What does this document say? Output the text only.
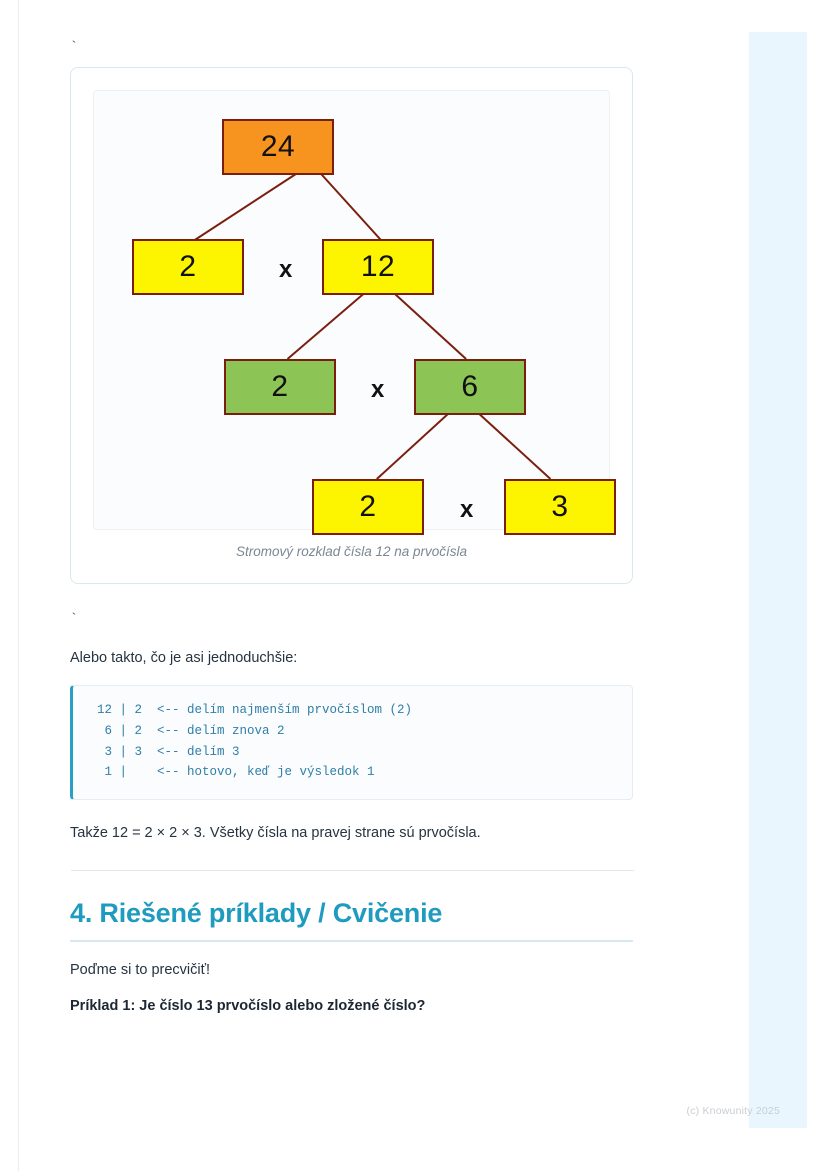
`
24
2	x	12
2	x	6
2	x	3
Stromový rozklad čísla 12 na prvočísla
`

Alebo takto, čo je asi jednoduchšie:

12 | 2  <-- delím najmenším prvočíslom (2)
6 | 2  <-- delím znova 2
3 | 3  <-- delím 3
1 |    <-- hotovo, keď je výsledok 1

Takže 12 = 2 × 2 × 3. Všetky čísla na pravej strane sú prvočísla.

4. Riešené príklady / Cvičenie

Poďme si to precvičiť!

Príklad 1: Je číslo 13 prvočíslo alebo zložené číslo?

(c) Knowunity 2025
